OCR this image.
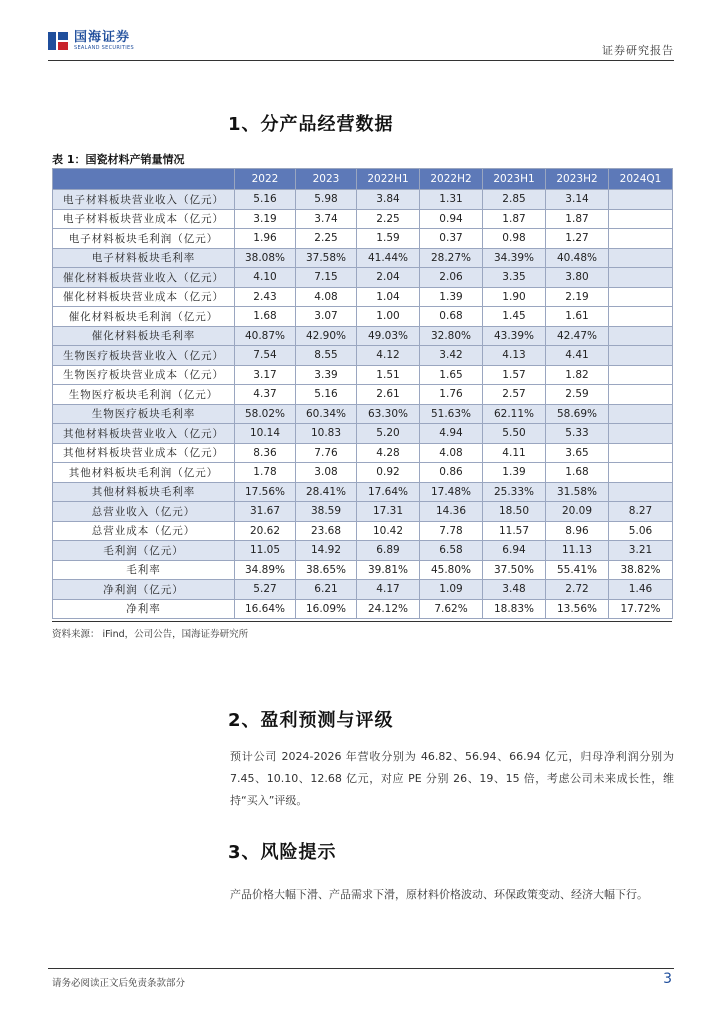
国海证券
SEALAND SECURITIES	证券研究报告
1、分产品经营数据
表 1：国瓷材料产销量情况
	2022	2023	2022H1	2022H2	2023H1	2023H2	2024Q1
电子材料板块营业收入（亿元）	5.16	5.98	3.84	1.31	2.85	3.14	
电子材料板块营业成本（亿元）	3.19	3.74	2.25	0.94	1.87	1.87	
电子材料板块毛利润（亿元）	1.96	2.25	1.59	0.37	0.98	1.27	
电子材料板块毛利率	38.08%	37.58%	41.44%	28.27%	34.39%	40.48%	
催化材料板块营业收入（亿元）	4.10	7.15	2.04	2.06	3.35	3.80	
催化材料板块营业成本（亿元）	2.43	4.08	1.04	1.39	1.90	2.19	
催化材料板块毛利润（亿元）	1.68	3.07	1.00	0.68	1.45	1.61	
催化材料板块毛利率	40.87%	42.90%	49.03%	32.80%	43.39%	42.47%	
生物医疗板块营业收入（亿元）	7.54	8.55	4.12	3.42	4.13	4.41	
生物医疗板块营业成本（亿元）	3.17	3.39	1.51	1.65	1.57	1.82	
生物医疗板块毛利润（亿元）	4.37	5.16	2.61	1.76	2.57	2.59	
生物医疗板块毛利率	58.02%	60.34%	63.30%	51.63%	62.11%	58.69%	
其他材料板块营业收入（亿元）	10.14	10.83	5.20	4.94	5.50	5.33	
其他材料板块营业成本（亿元）	8.36	7.76	4.28	4.08	4.11	3.65	
其他材料板块毛利润（亿元）	1.78	3.08	0.92	0.86	1.39	1.68	
其他材料板块毛利率	17.56%	28.41%	17.64%	17.48%	25.33%	31.58%	
总营业收入（亿元）	31.67	38.59	17.31	14.36	18.50	20.09	8.27
总营业成本（亿元）	20.62	23.68	10.42	7.78	11.57	8.96	5.06
毛利润（亿元）	11.05	14.92	6.89	6.58	6.94	11.13	3.21
毛利率	34.89%	38.65%	39.81%	45.80%	37.50%	55.41%	38.82%
净利润（亿元）	5.27	6.21	4.17	1.09	3.48	2.72	1.46
净利率	16.64%	16.09%	24.12%	7.62%	18.83%	13.56%	17.72%
资料来源： iFind，公司公告，国海证券研究所
2、盈利预测与评级

预计公司 2024-2026 年营收分别为 46.82、56.94、66.94 亿元，归母净利润分别为 7.45、10.10、12.68 亿元，对应 PE 分别 26、19、15 倍，考虑公司未来成长性，维持“买入”评级。

3、风险提示

产品价格大幅下滑、产品需求下滑，原材料价格波动、环保政策变动、经济大幅下行。

请务必阅读正文后免责条款部分	3
